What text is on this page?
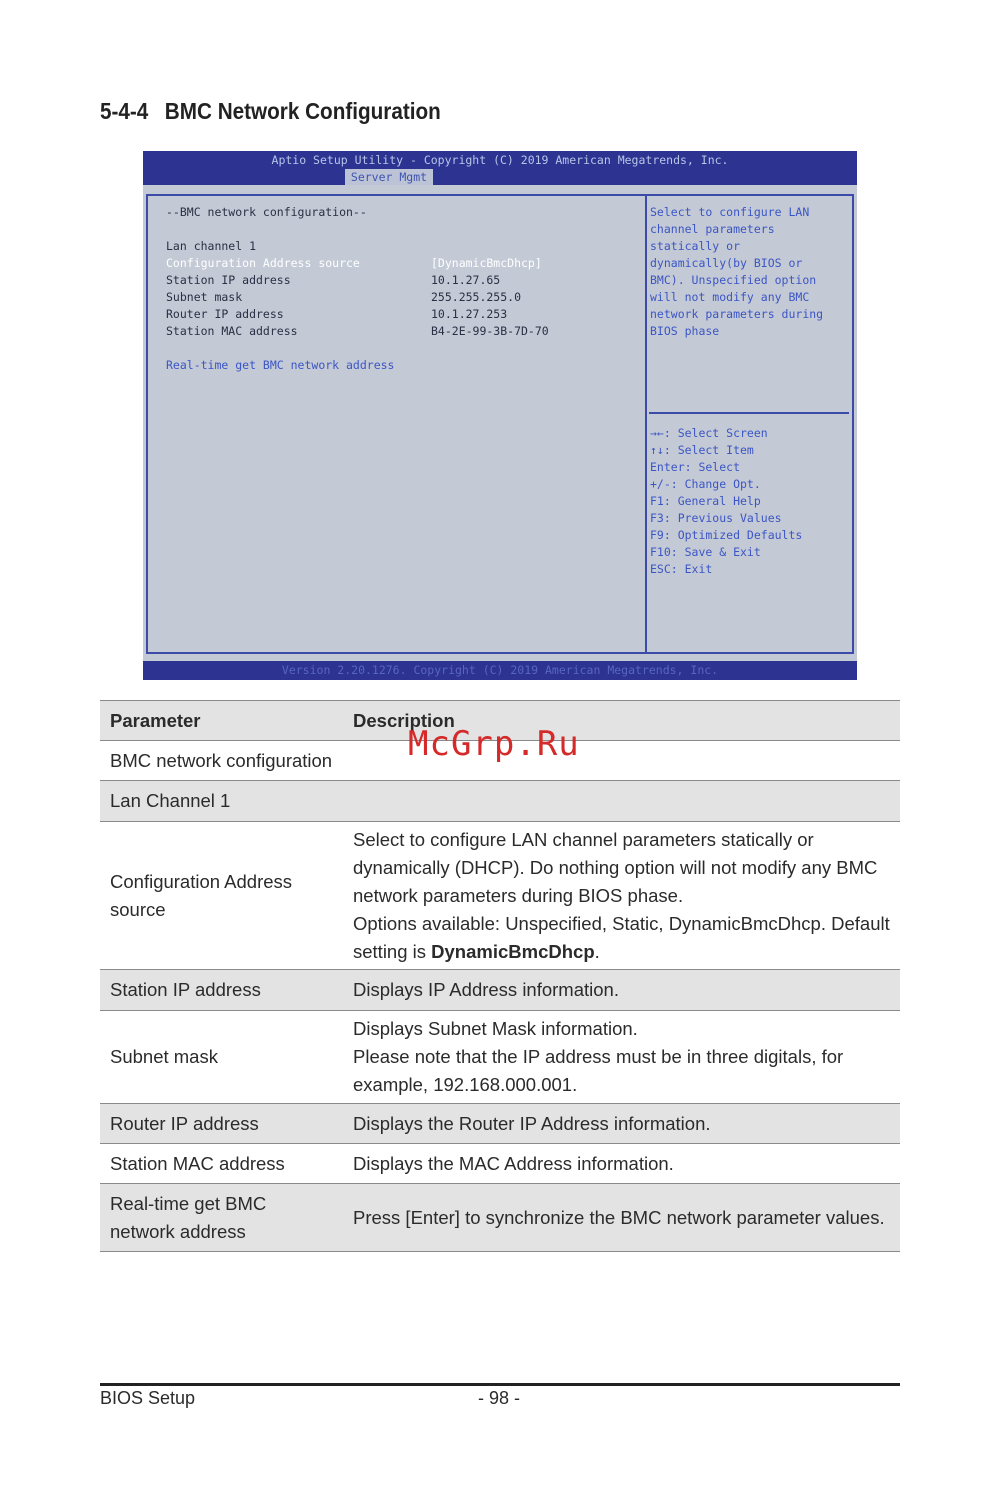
5-4-4 BMC Network Configuration
Aptio Setup Utility - Copyright (C) 2019 American Megatrends, Inc.
Server Mgmt
--BMC network configuration--
Lan channel 1
Configuration Address source	[DynamicBmcDhcp]
Station IP address	10.1.27.65
Subnet mask	255.255.255.0
Router IP address	10.1.27.253
Station MAC address	B4-2E-99-3B-7D-70
Real-time get BMC network address
Select to configure LAN
channel parameters
statically or
dynamically(by BIOS or
BMC). Unspecified option
will not modify any BMC
network parameters during
BIOS phase
→←: Select Screen
↑↓: Select Item
Enter: Select
+/-: Change Opt.
F1: General Help
F3: Previous Values
F9: Optimized Defaults
F10: Save & Exit
ESC: Exit
Version 2.20.1276. Copyright (C) 2019 American Megatrends, Inc.
Parameter	Description
BMC network configuration	
Lan Channel 1	
Configuration Address source	Select to configure LAN channel parameters statically or dynamically (DHCP). Do nothing option will not modify any BMC network parameters during BIOS phase.

Options available: Unspecified, Static, DynamicBmcDhcp. Default setting is DynamicBmcDhcp.

Station IP address	Displays IP Address information.

Subnet mask	Displays Subnet Mask information.

Please note that the IP address must be in three digitals, for example, 192.168.000.001.

Router IP address	Displays the Router IP Address information.

Station MAC address	Displays the MAC Address information.

Real-time get BMC network address	Press [Enter] to synchronize the BMC network parameter values.

McGrp.Ru
BIOS Setup	- 98 -
